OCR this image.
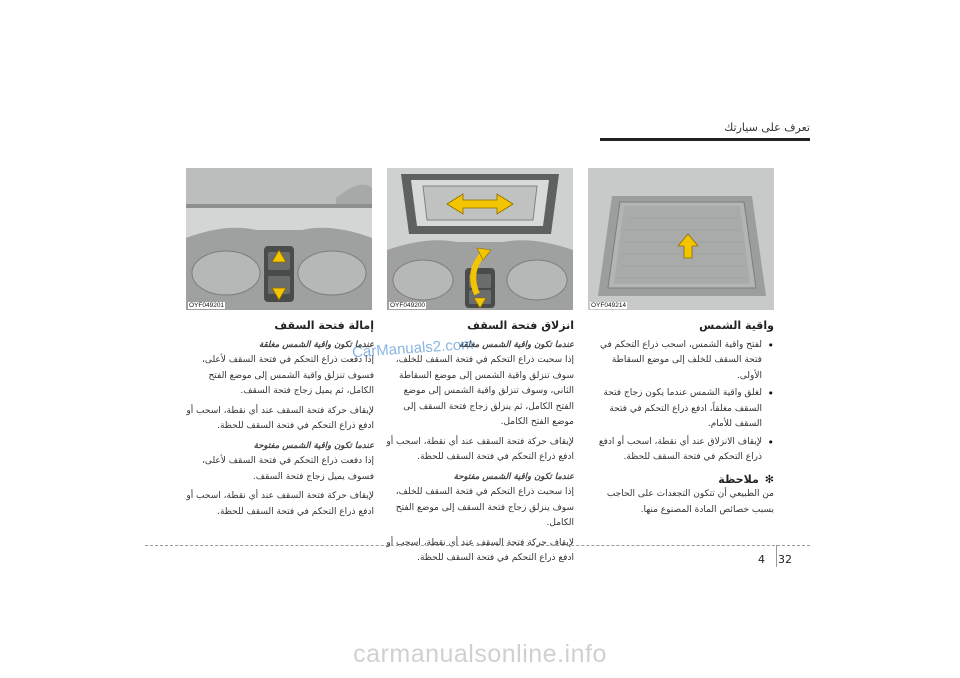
تعرف على سيارتك
OYF049201	OYF049200	OYF049214
واقية الشمس
• لفتح واقية الشمس، اسحب ذراع التحكم في فتحة السقف للخلف إلى موضع السقاطة الأولى.
• لغلق واقية الشمس عندما يكون زجاج فتحة السقف مغلقاً، ادفع ذراع التحكم في فتحة السقف للأمام.
• لإيقاف الانزلاق عند أي نقطة، اسحب أو ادفع ذراع التحكم في فتحة السقف للحظة.
✻ملاحظة

من الطبيعي أن تتكون التجعدات على الحاجب بسبب خصائص المادة المصنوع منها.

انزلاق فتحة السقف
عندما تكون واقية الشمس مغلقة

إذا سحبت ذراع التحكم في فتحة السقف للخلف، سوف تنزلق واقية الشمس إلى موضع السقاطة الثاني، وسوف تنزلق واقية الشمس إلى موضع الفتح الكامل، ثم ينزلق زجاج فتحة السقف إلى موضع الفتح الكامل.

لإيقاف حركة فتحة السقف عند أي نقطة، اسحب أو ادفع ذراع التحكم في فتحة السقف للحظة.

عندما تكون واقية الشمس مفتوحة

إذا سحبت ذراع التحكم في فتحة السقف للخلف، سوف ينزلق زجاج فتحة السقف إلى موضع الفتح الكامل.

لإيقاف حركة فتحة السقف عند أي نقطة، اسحب أو ادفع ذراع التحكم في فتحة السقف للحظة.

إمالة فتحة السقف
عندما تكون واقية الشمس مغلقة

إذا دفعت ذراع التحكم في فتحة السقف لأعلى، فسوف تنزلق واقية الشمس إلى موضع الفتح الكامل، ثم يميل زجاج فتحة السقف.

لإيقاف حركة فتحة السقف عند أي نقطة، اسحب أو ادفع ذراع التحكم في فتحة السقف للحظة.

عندما تكون واقية الشمس مفتوحة

إذا دفعت ذراع التحكم في فتحة السقف لأعلى، فسوف يميل زجاج فتحة السقف.

لإيقاف حركة فتحة السقف عند أي نقطة، اسحب أو ادفع ذراع التحكم في فتحة السقف للحظة.

CarManuals2.com
32
4
carmanualsonline.info
